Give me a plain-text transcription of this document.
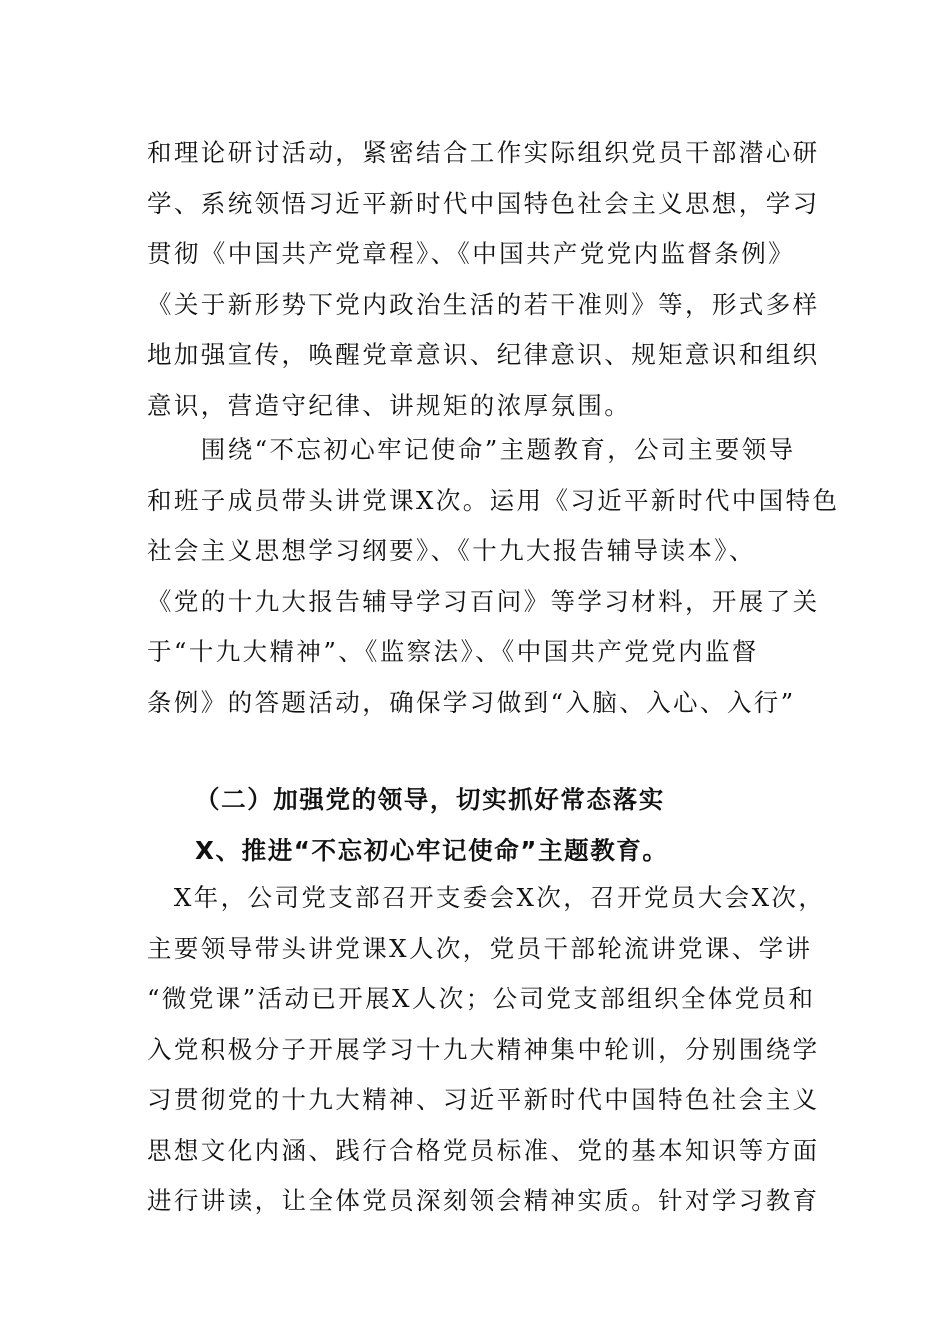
和理论研讨活动，紧密结合工作实际组织党员干部潜心研
学、系统领悟习近平新时代中国特色社会主义思想，学习
贯彻《中国共产党章程》、《中国共产党党内监督条例》
《关于新形势下党内政治生活的若干准则》等，形式多样
地加强宣传，唤醒党章意识、纪律意识、规矩意识和组织
意识，营造守纪律、讲规矩的浓厚氛围。
　　围绕“不忘初心牢记使命”主题教育，公司主要领导
和班子成员带头讲党课X次。运用《习近平新时代中国特色
社会主义思想学习纲要》、《十九大报告辅导读本》、
《党的十九大报告辅导学习百问》等学习材料，开展了关
于“十九大精神”、《监察法》、《中国共产党党内监督
条例》的答题活动，确保学习做到“入脑、入心、入行”
（二）加强党的领导，切实抓好常态落实
X、推进“不忘初心牢记使命”主题教育。
　X年，公司党支部召开支委会X次，召开党员大会X次，
主要领导带头讲党课X人次，党员干部轮流讲党课、学讲
“微党课”活动已开展X人次；公司党支部组织全体党员和
入党积极分子开展学习十九大精神集中轮训，分别围绕学
习贯彻党的十九大精神、习近平新时代中国特色社会主义
思想文化内涵、践行合格党员标准、党的基本知识等方面
进行讲读，让全体党员深刻领会精神实质。针对学习教育
